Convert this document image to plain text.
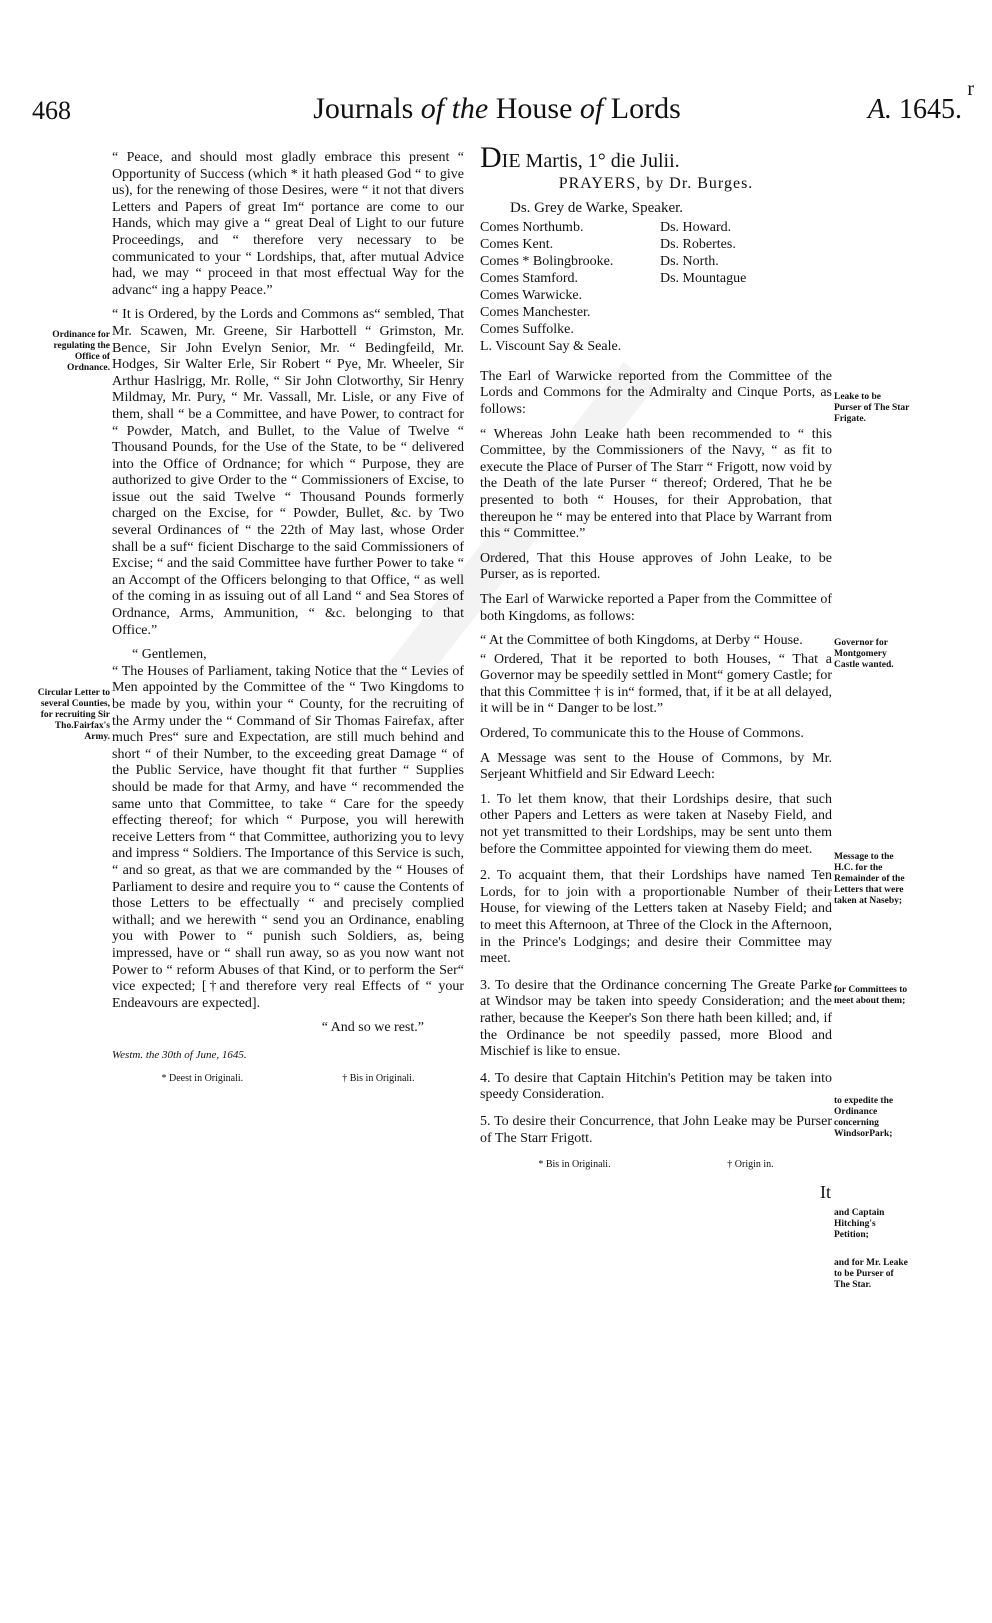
r
468	Journals of the House of Lords	A. 1645.
Ordinance for regulating the Office of Ordnance.
Circular Letter to several Counties, for recruiting Sir Tho.Fairfax's Army.

“ Peace, and should most gladly embrace this present “ Opportunity of Success (which * it hath pleased God “ to give us), for the renewing of those Desires, were “ it not that divers Letters and Papers of great Im“ portance are come to our Hands, which may give a “ great Deal of Light to our future Proceedings, and “ therefore very necessary to be communicated to your “ Lordships, that, after mutual Advice had, we may “ proceed in that most effectual Way for the advanc“ ing a happy Peace.”

“ It is Ordered, by the Lords and Commons as“ sembled, That Mr. Scawen, Mr. Greene, Sir Harbottell “ Grimston, Mr. Bence, Sir John Evelyn Senior, Mr. “ Bedingfeild, Mr. Hodges, Sir Walter Erle, Sir Robert “ Pye, Mr. Wheeler, Sir Arthur Haslrigg, Mr. Rolle, “ Sir John Clotworthy, Sir Henry Mildmay, Mr. Pury, “ Mr. Vassall, Mr. Lisle, or any Five of them, shall “ be a Committee, and have Power, to contract for “ Powder, Match, and Bullet, to the Value of Twelve “ Thousand Pounds, for the Use of the State, to be “ delivered into the Office of Ordnance; for which “ Purpose, they are authorized to give Order to the “ Commissioners of Excise, to issue out the said Twelve “ Thousand Pounds formerly charged on the Excise, for “ Powder, Bullet, &c. by Two several Ordinances of “ the 22th of May last, whose Order shall be a suf“ ficient Discharge to the said Commissioners of Excise; “ and the said Committee have further Power to take “ an Accompt of the Officers belonging to that Office, “ as well of the coming in as issuing out of all Land “ and Sea Stores of Ordnance, Arms, Ammunition, “ &c. belonging to that Office.”

“ Gentlemen,

“ The Houses of Parliament, taking Notice that the “ Levies of Men appointed by the Committee of the “ Two Kingdoms to be made by you, within your “ County, for the recruiting of the Army under the “ Command of Sir Thomas Fairefax, after much Pres“ sure and Expectation, are still much behind and short “ of their Number, to the exceeding great Damage “ of the Public Service, have thought fit that further “ Supplies should be made for that Army, and have “ recommended the same unto that Committee, to take “ Care for the speedy effecting thereof; for which “ Purpose, you will herewith receive Letters from “ that Committee, authorizing you to levy and impress “ Soldiers. The Importance of this Service is such, “ and so great, as that we are commanded by the “ Houses of Parliament to desire and require you to “ cause the Contents of those Letters to be effectually “ and precisely complied withall; and we herewith “ send you an Ordinance, enabling you with Power to “ punish such Soldiers, as, being impressed, have or “ shall run away, so as you now want not Power to “ reform Abuses of that Kind, or to perform the Ser“ vice expected; [†and therefore very real Effects of “ your Endeavours are expected].

“ And so we rest.”

Westm. the 30th of June, 1645.
* Deest in Originali.	† Bis in Originali.
DIE Martis, 1° die Julii.
PRAYERS, by Dr. Burges.
Ds. Grey de Warke, Speaker.
Comes Northumb.	Ds. Howard.
Comes Kent.	Ds. Robertes.
Comes * Bolingbrooke.	Ds. North.
Comes Stamford.	Ds. Mountague
Comes Warwicke.
Comes Manchester.
Comes Suffolke.
L. Viscount Say & Seale.

The Earl of Warwicke reported from the Committee of the Lords and Commons for the Admiralty and Cinque Ports, as follows:

“ Whereas John Leake hath been recommended to “ this Committee, by the Commissioners of the Navy, “ as fit to execute the Place of Purser of The Starr “ Frigott, now void by the Death of the late Purser “ thereof; Ordered, That he be presented to both “ Houses, for their Approbation, that thereupon he “ may be entered into that Place by Warrant from this “ Committee.”

Ordered, That this House approves of John Leake, to be Purser, as is reported.

The Earl of Warwicke reported a Paper from the Committee of both Kingdoms, as follows:

“ At the Committee of both Kingdoms, at Derby “ House.

“ Ordered, That it be reported to both Houses, “ That a Governor may be speedily settled in Mont“ gomery Castle; for that this Committee † is in“ formed, that, if it be at all delayed, it will be in “ Danger to be lost.”

Ordered, To communicate this to the House of Commons.

A Message was sent to the House of Commons, by Mr. Serjeant Whitfield and Sir Edward Leech:

1. To let them know, that their Lordships desire, that such other Papers and Letters as were taken at Naseby Field, and not yet transmitted to their Lordships, may be sent unto them before the Committee appointed for viewing them do meet.

2. To acquaint them, that their Lordships have named Ten Lords, for to join with a proportionable Number of their House, for viewing of the Letters taken at Naseby Field; and to meet this Afternoon, at Three of the Clock in the Afternoon, in the Prince's Lodgings; and desire their Committee may meet.

3. To desire that the Ordinance concerning The Greate Parke at Windsor may be taken into speedy Consideration; and the rather, because the Keeper's Son there hath been killed; and, if the Ordinance be not speedily passed, more Blood and Mischief is like to ensue.

4. To desire that Captain Hitchin's Petition may be taken into speedy Consideration.

5. To desire their Concurrence, that John Leake may be Purser of The Starr Frigott.

* Bis in Originali.	† Origin in.
It
Leake to be Purser of The Star Frigate.
Governor for Montgomery Castle wanted.
Message to the H.C. for the Remainder of the Letters that were taken at Naseby;
for Committees to meet about them;
to expedite the Ordinance concerning WindsorPark;
and Captain Hitching's Petition;
and for Mr. Leake to be Purser of The Star.
